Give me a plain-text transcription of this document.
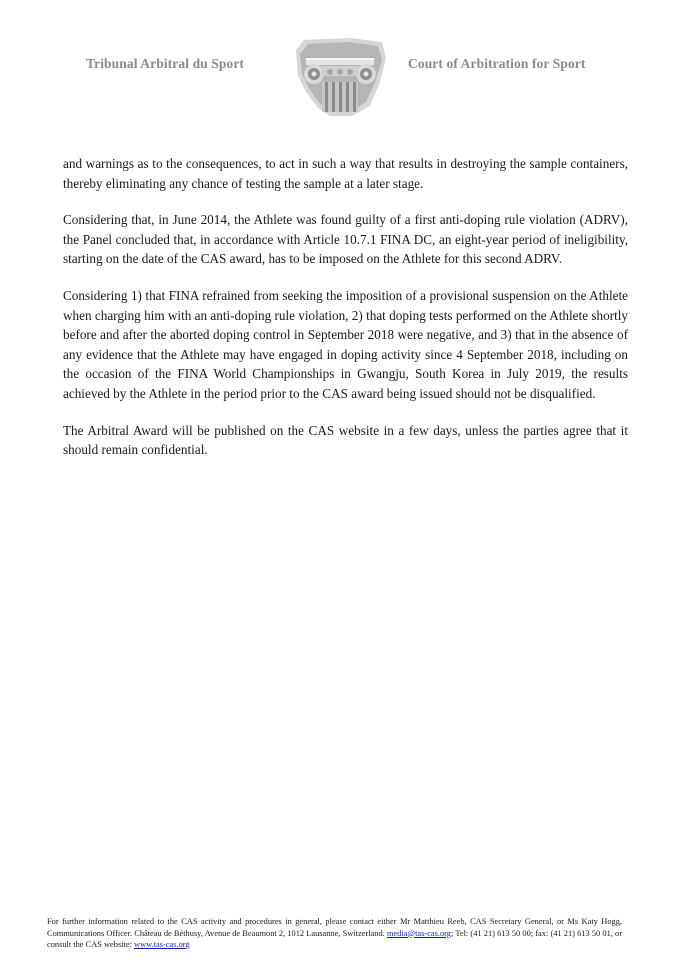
Tribunal Arbitral du Sport	Court of Arbitration for Sport

and warnings as to the consequences, to act in such a way that results in destroying the sample containers, thereby eliminating any chance of testing the sample at a later stage.

Considering that, in June 2014, the Athlete was found guilty of a first anti-doping rule violation (ADRV), the Panel concluded that, in accordance with Article 10.7.1 FINA DC, an eight-year period of ineligibility, starting on the date of the CAS award, has to be imposed on the Athlete for this second ADRV.

Considering 1) that FINA refrained from seeking the imposition of a provisional suspension on the Athlete when charging him with an anti-doping rule violation, 2) that doping tests performed on the Athlete shortly before and after the aborted doping control in September 2018 were negative, and 3) that in the absence of any evidence that the Athlete may have engaged in doping activity since 4 September 2018, including on the occasion of the FINA World Championships in Gwangju, South Korea in July 2019, the results achieved by the Athlete in the period prior to the CAS award being issued should not be disqualified.

The Arbitral Award will be published on the CAS website in a few days, unless the parties agree that it should remain confidential.

For further information related to the CAS activity and procedures in general, please contact either Mr Matthieu Reeb, CAS Secretary General, or Ms Katy Hogg, Communications Officer. Château de Béthusy, Avenue de Beaumont 2, 1012 Lausanne, Switzerland. media@tas-cas.org; Tel: (41 21) 613 50 00; fax: (41 21) 613 50 01, or consult the CAS website: www.tas-cas.org
